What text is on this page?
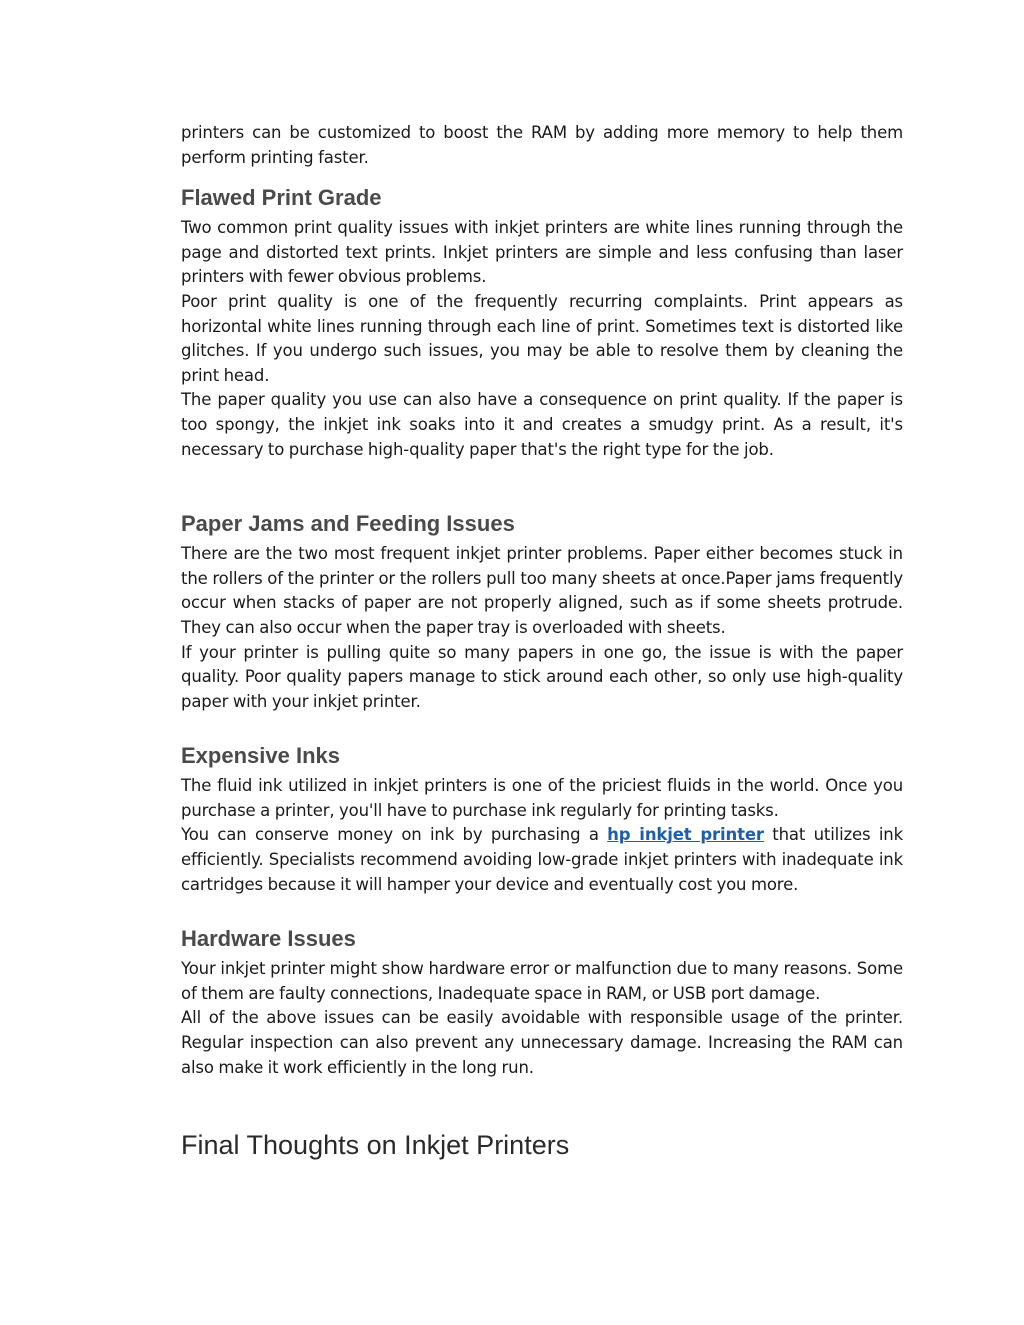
printers can be customized to boost the RAM by adding more memory to help them perform printing faster.

Flawed Print Grade

Two common print quality issues with inkjet printers are white lines running through the page and distorted text prints. Inkjet printers are simple and less confusing than laser printers with fewer obvious problems.

Poor print quality is one of the frequently recurring complaints. Print appears as horizontal white lines running through each line of print. Sometimes text is distorted like glitches. If you undergo such issues, you may be able to resolve them by cleaning the print head.

The paper quality you use can also have a consequence on print quality. If the paper is too spongy, the inkjet ink soaks into it and creates a smudgy print. As a result, it's necessary to purchase high-quality paper that's the right type for the job.

Paper Jams and Feeding Issues

There are the two most frequent inkjet printer problems. Paper either becomes stuck in the rollers of the printer or the rollers pull too many sheets at once.Paper jams frequently occur when stacks of paper are not properly aligned, such as if some sheets protrude. They can also occur when the paper tray is overloaded with sheets.

If your printer is pulling quite so many papers in one go, the issue is with the paper quality. Poor quality papers manage to stick around each other, so only use high-quality paper with your inkjet printer.

Expensive Inks

The fluid ink utilized in inkjet printers is one of the priciest fluids in the world. Once you purchase a printer, you'll have to purchase ink regularly for printing tasks.

You can conserve money on ink by purchasing a hp inkjet printer that utilizes ink efficiently. Specialists recommend avoiding low-grade inkjet printers with inadequate ink cartridges because it will hamper your device and eventually cost you more.

Hardware Issues

Your inkjet printer might show hardware error or malfunction due to many reasons. Some of them are faulty connections, Inadequate space in RAM, or USB port damage.

All of the above issues can be easily avoidable with responsible usage of the printer. Regular inspection can also prevent any unnecessary damage. Increasing the RAM can also make it work efficiently in the long run.

Final Thoughts on Inkjet Printers
